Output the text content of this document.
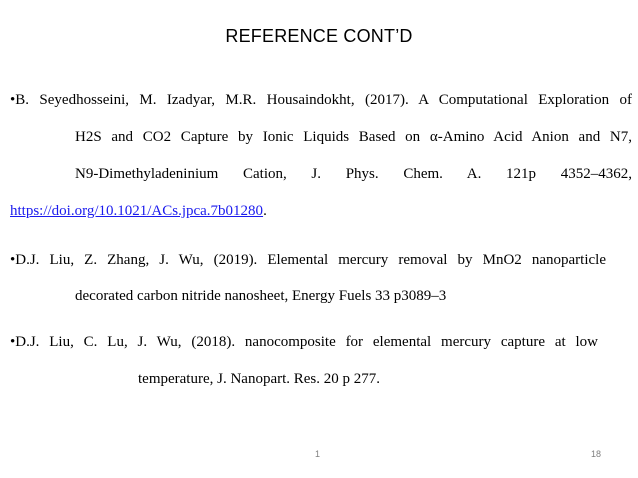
REFERENCE CONT’D
•B. Seyedhosseini, M. Izadyar, M.R. Housaindokht, (2017). A Computational Exploration of
H2S and CO2 Capture by Ionic Liquids Based on α-Amino Acid Anion and N7,
N9-Dimethyladeninium Cation, J. Phys. Chem. A. 121p 4352–4362,
https://doi.org/10.1021/ACs.jpca.7b01280.
•D.J. Liu, Z. Zhang, J. Wu, (2019). Elemental mercury removal by MnO2 nanoparticle
decorated carbon nitride nanosheet, Energy Fuels 33 p3089–3
•D.J. Liu, C. Lu, J. Wu, (2018). nanocomposite for elemental mercury capture at low
temperature, J. Nanopart. Res. 20 p 277.
1	18
